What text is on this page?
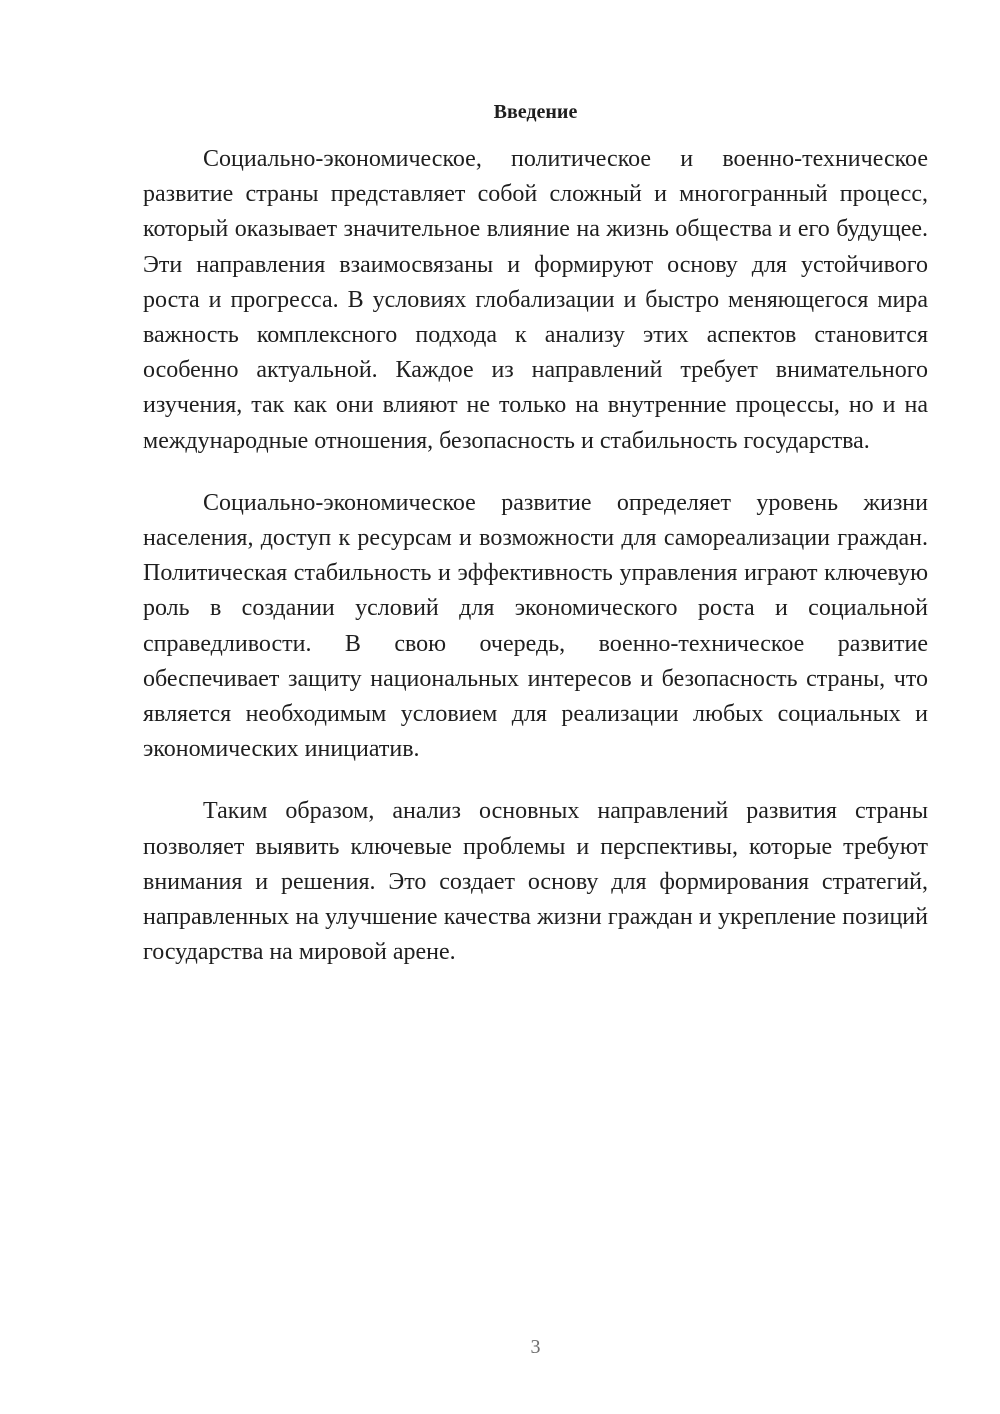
Введение

Социально-экономическое, политическое и военно-техническое развитие страны представляет собой сложный и многогранный процесс, который оказывает значительное влияние на жизнь общества и его будущее. Эти направления взаимосвязаны и формируют основу для устойчивого роста и прогресса. В условиях глобализации и быстро меняющегося мира важность комплексного подхода к анализу этих аспектов становится особенно актуальной. Каждое из направлений требует внимательного изучения, так как они влияют не только на внутренние процессы, но и на международные отношения, безопасность и стабильность государства.

Социально-экономическое развитие определяет уровень жизни населения, доступ к ресурсам и возможности для самореализации граждан. Политическая стабильность и эффективность управления играют ключевую роль в создании условий для экономического роста и социальной справедливости. В свою очередь, военно-техническое развитие обеспечивает защиту национальных интересов и безопасность страны, что является необходимым условием для реализации любых социальных и экономических инициатив.

Таким образом, анализ основных направлений развития страны позволяет выявить ключевые проблемы и перспективы, которые требуют внимания и решения. Это создает основу для формирования стратегий, направленных на улучшение качества жизни граждан и укрепление позиций государства на мировой арене.

3
